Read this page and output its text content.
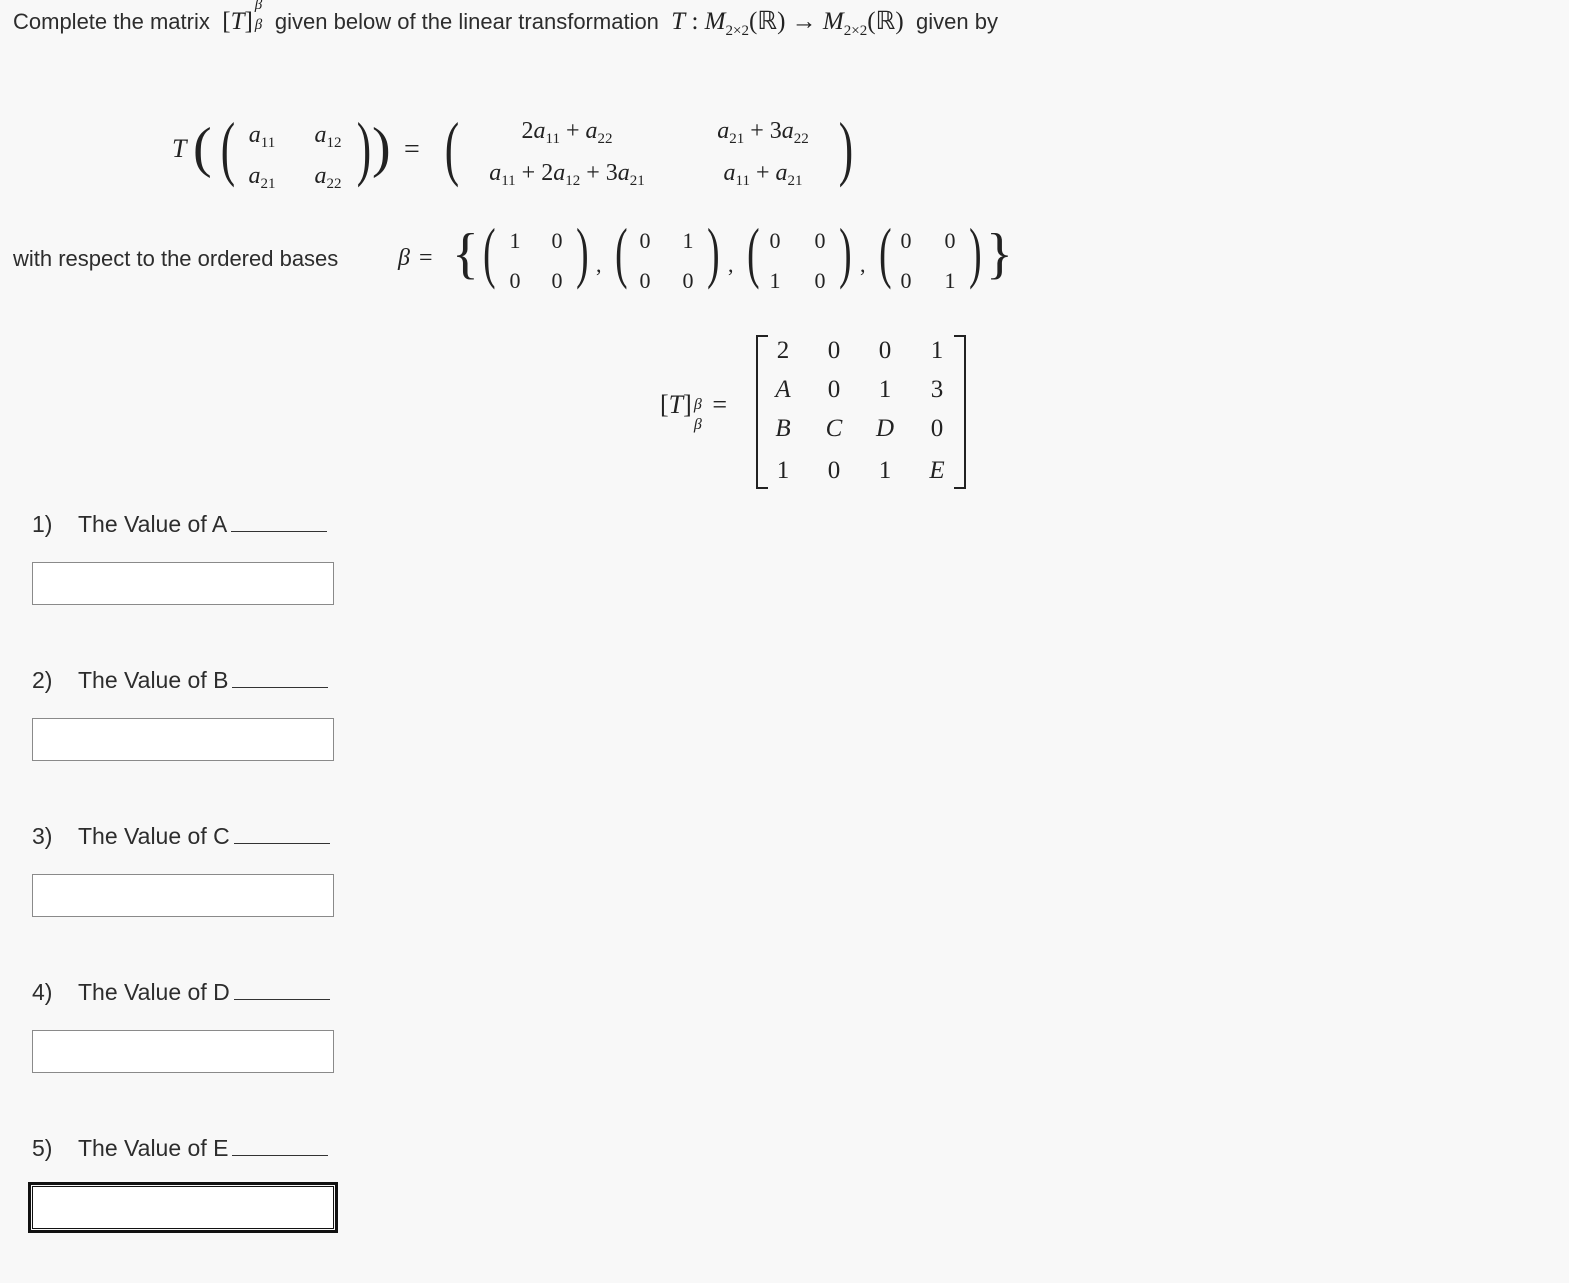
Complete the matrix  [T]
β
β given below of the linear transformation T : $M_{2\times 2}(ℝ)$ → $M_{2\times 2}(ℝ)$  given by
T ( ( $a_{11}$ $a_{12}$
$a_{21}$ $a_{22}$ ) ) = (	$2a_{11} + a_{22}$	$a_{21} + 3a_{22}$
$a_{11} + 2a_{12} + 3a_{21}$	$a_{11} + a_{21}$ )
with respect to the ordered bases β = { ( 1 0
0 0 ) , ( 0 1
0 0 ) , ( 0 0
1 0 ) , ( 0 0
0 1 ) }
[T] β
β
=
2 0 0 1
A 0 1 3
B C D 0
1 0 1 E
1) The Value of A
2) The Value of B
3) The Value of C
4) The Value of D
5) The Value of E
